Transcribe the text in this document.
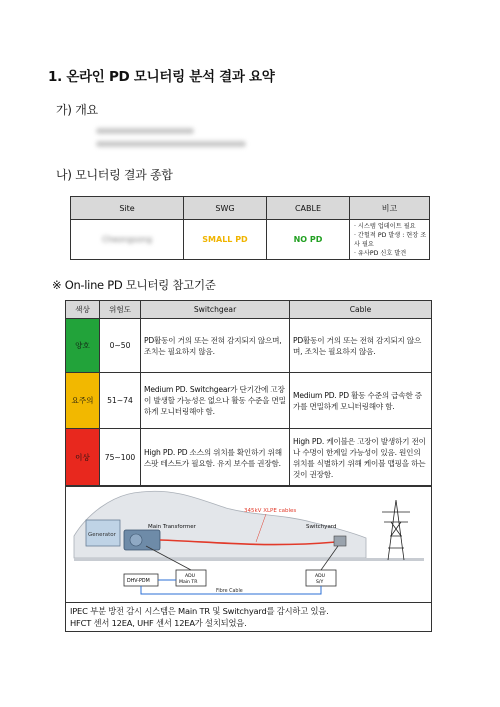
1. 온라인 PD 모니터링 분석 결과 요약
가) 개요
나) 모니터링 결과 종합
Site	SWG	CABLE	비고
Cheongsong	SMALL PD	NO PD	· 시스템 업데이트 필요
· 간헐적 PD 발생 : 현장 조사 필요
· 유사PD 신호 발견
※ On-line PD 모니터링 참고기준
색상	위험도	Switchgear	Cable
양호	0~50	PD활동이 거의 또는 전혀 감지되지 않으며, 조치는 필요하지 않음.	PD활동이 거의 또는 전혀 감지되지 않으며, 조치는 필요하지 않음.
요주의	51~74	Medium PD. Switchgear가 단기간에 고장이 발생할 가능성은 없으나 활동 수준을 면밀하게 모니터링해야 함.	Medium PD. PD 활동 수준의 급속한 증가를 면밀하게 모니터링해야 함.
이상	75~100	High PD. PD 소스의 위치를 확인하기 위해 스팟 테스트가 필요함. 유지 보수를 권장함.	High PD. 케이블은 고장이 발생하기 전이나 수명이 한계일 가능성이 있음. 원인의 위치를 식별하기 위해 케이블 맵핑을 하는 것이 권장함.
Generator
Main Transformer
345kV XLPE cables
Switchyard
DHV-PDM
ADU
Main TR
ADU
S/Y
Fibre Cable
IPEC 부분 방전 감시 시스템은 Main TR 및 Switchyard를 감시하고 있음.
HFCT 센서 12EA, UHF 센서 12EA가 설치되었음.
